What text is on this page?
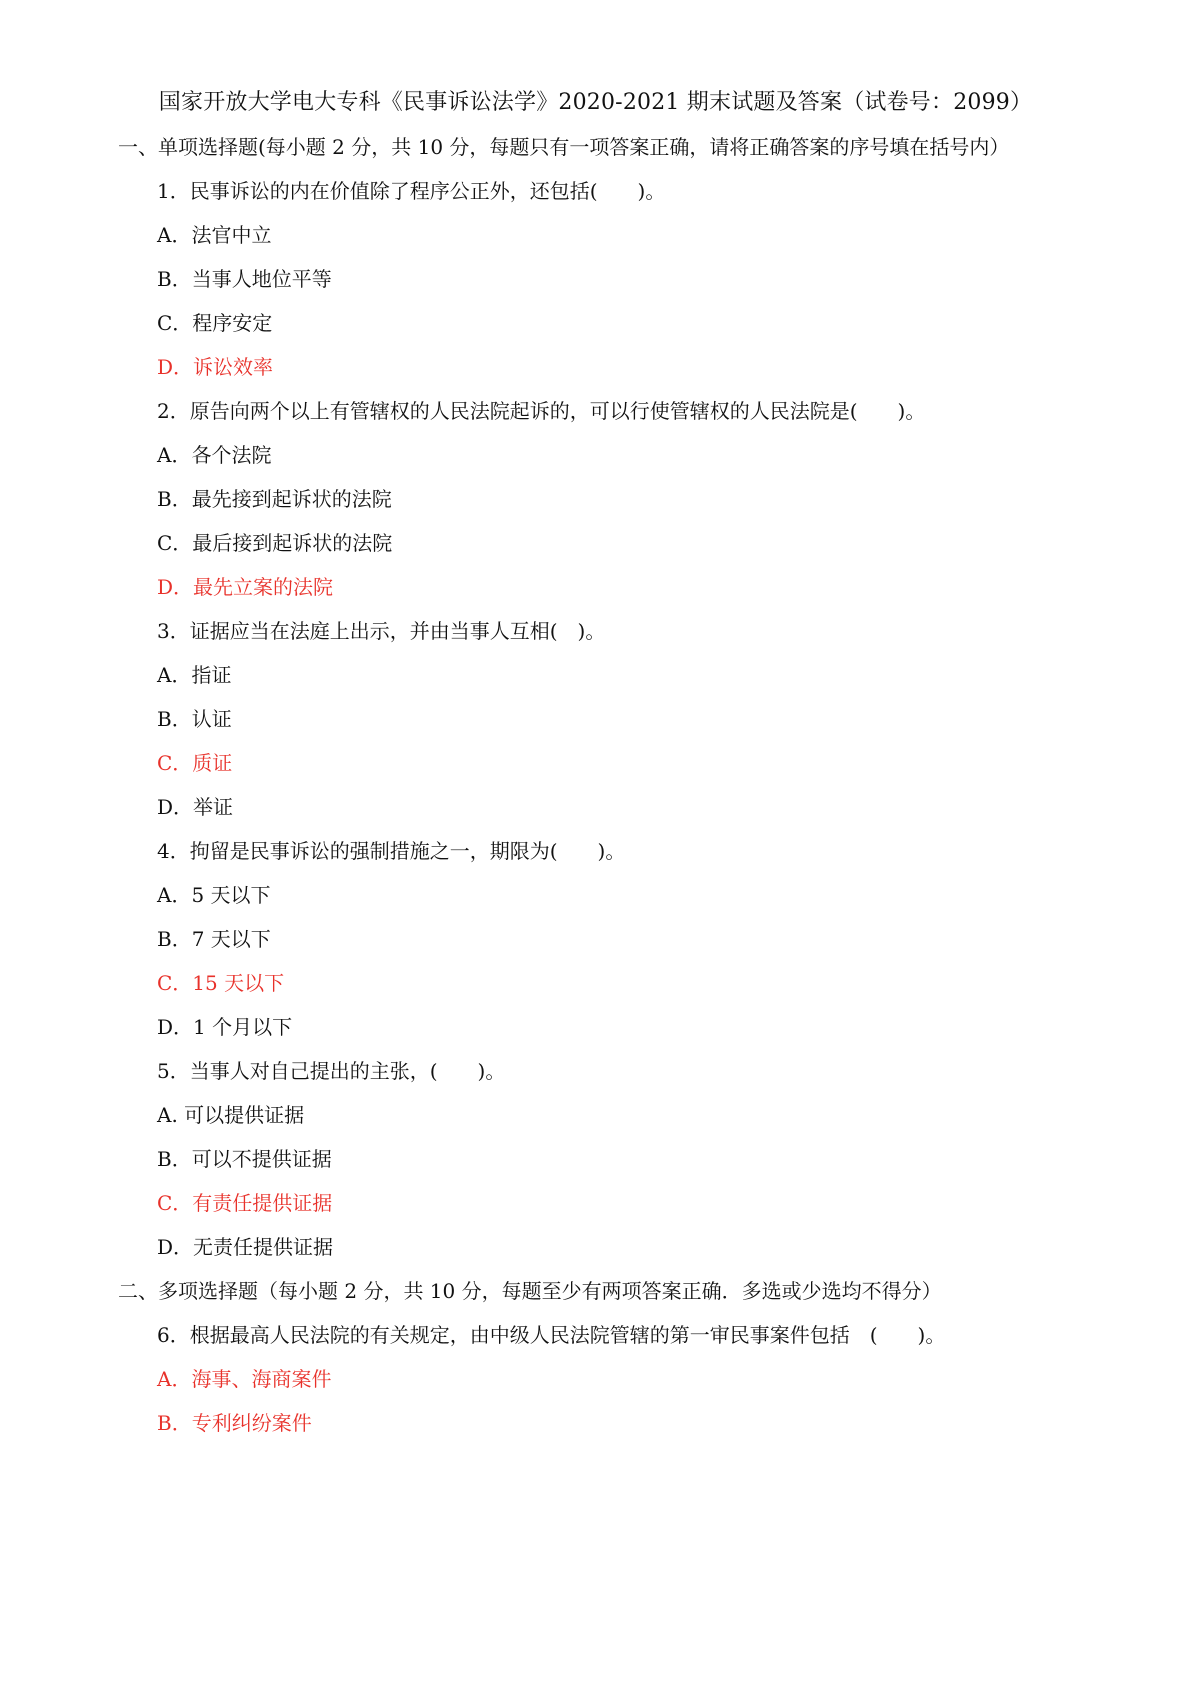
国家开放大学电大专科《民事诉讼法学》2020-2021 期末试题及答案（试卷号：2099）
一、单项选择题(每小题 2 分，共 10 分，每题只有一项答案正确，请将正确答案的序号填在括号内）
1．民事诉讼的内在价值除了程序公正外，还包括(　　)。
A．法官中立
B．当事人地位平等
C．程序安定
D．诉讼效率
2．原告向两个以上有管辖权的人民法院起诉的，可以行使管辖权的人民法院是(　　)。
A．各个法院
B．最先接到起诉状的法院
C．最后接到起诉状的法院
D．最先立案的法院
3．证据应当在法庭上出示，并由当事人互相(　)。
A．指证
B．认证
C．质证
D．举证
4．拘留是民事诉讼的强制措施之一，期限为(　　)。
A．5 天以下
B．7 天以下
C．15 天以下
D．1 个月以下
5．当事人对自己提出的主张，(　　)。
A. 可以提供证据
B．可以不提供证据
C．有责任提供证据
D．无责任提供证据
二、多项选择题（每小题 2 分，共 10 分，每题至少有两项答案正确．多选或少选均不得分）
6．根据最高人民法院的有关规定，由中级人民法院管辖的第一审民事案件包括　(　　)。
A．海事、海商案件
B．专利纠纷案件
